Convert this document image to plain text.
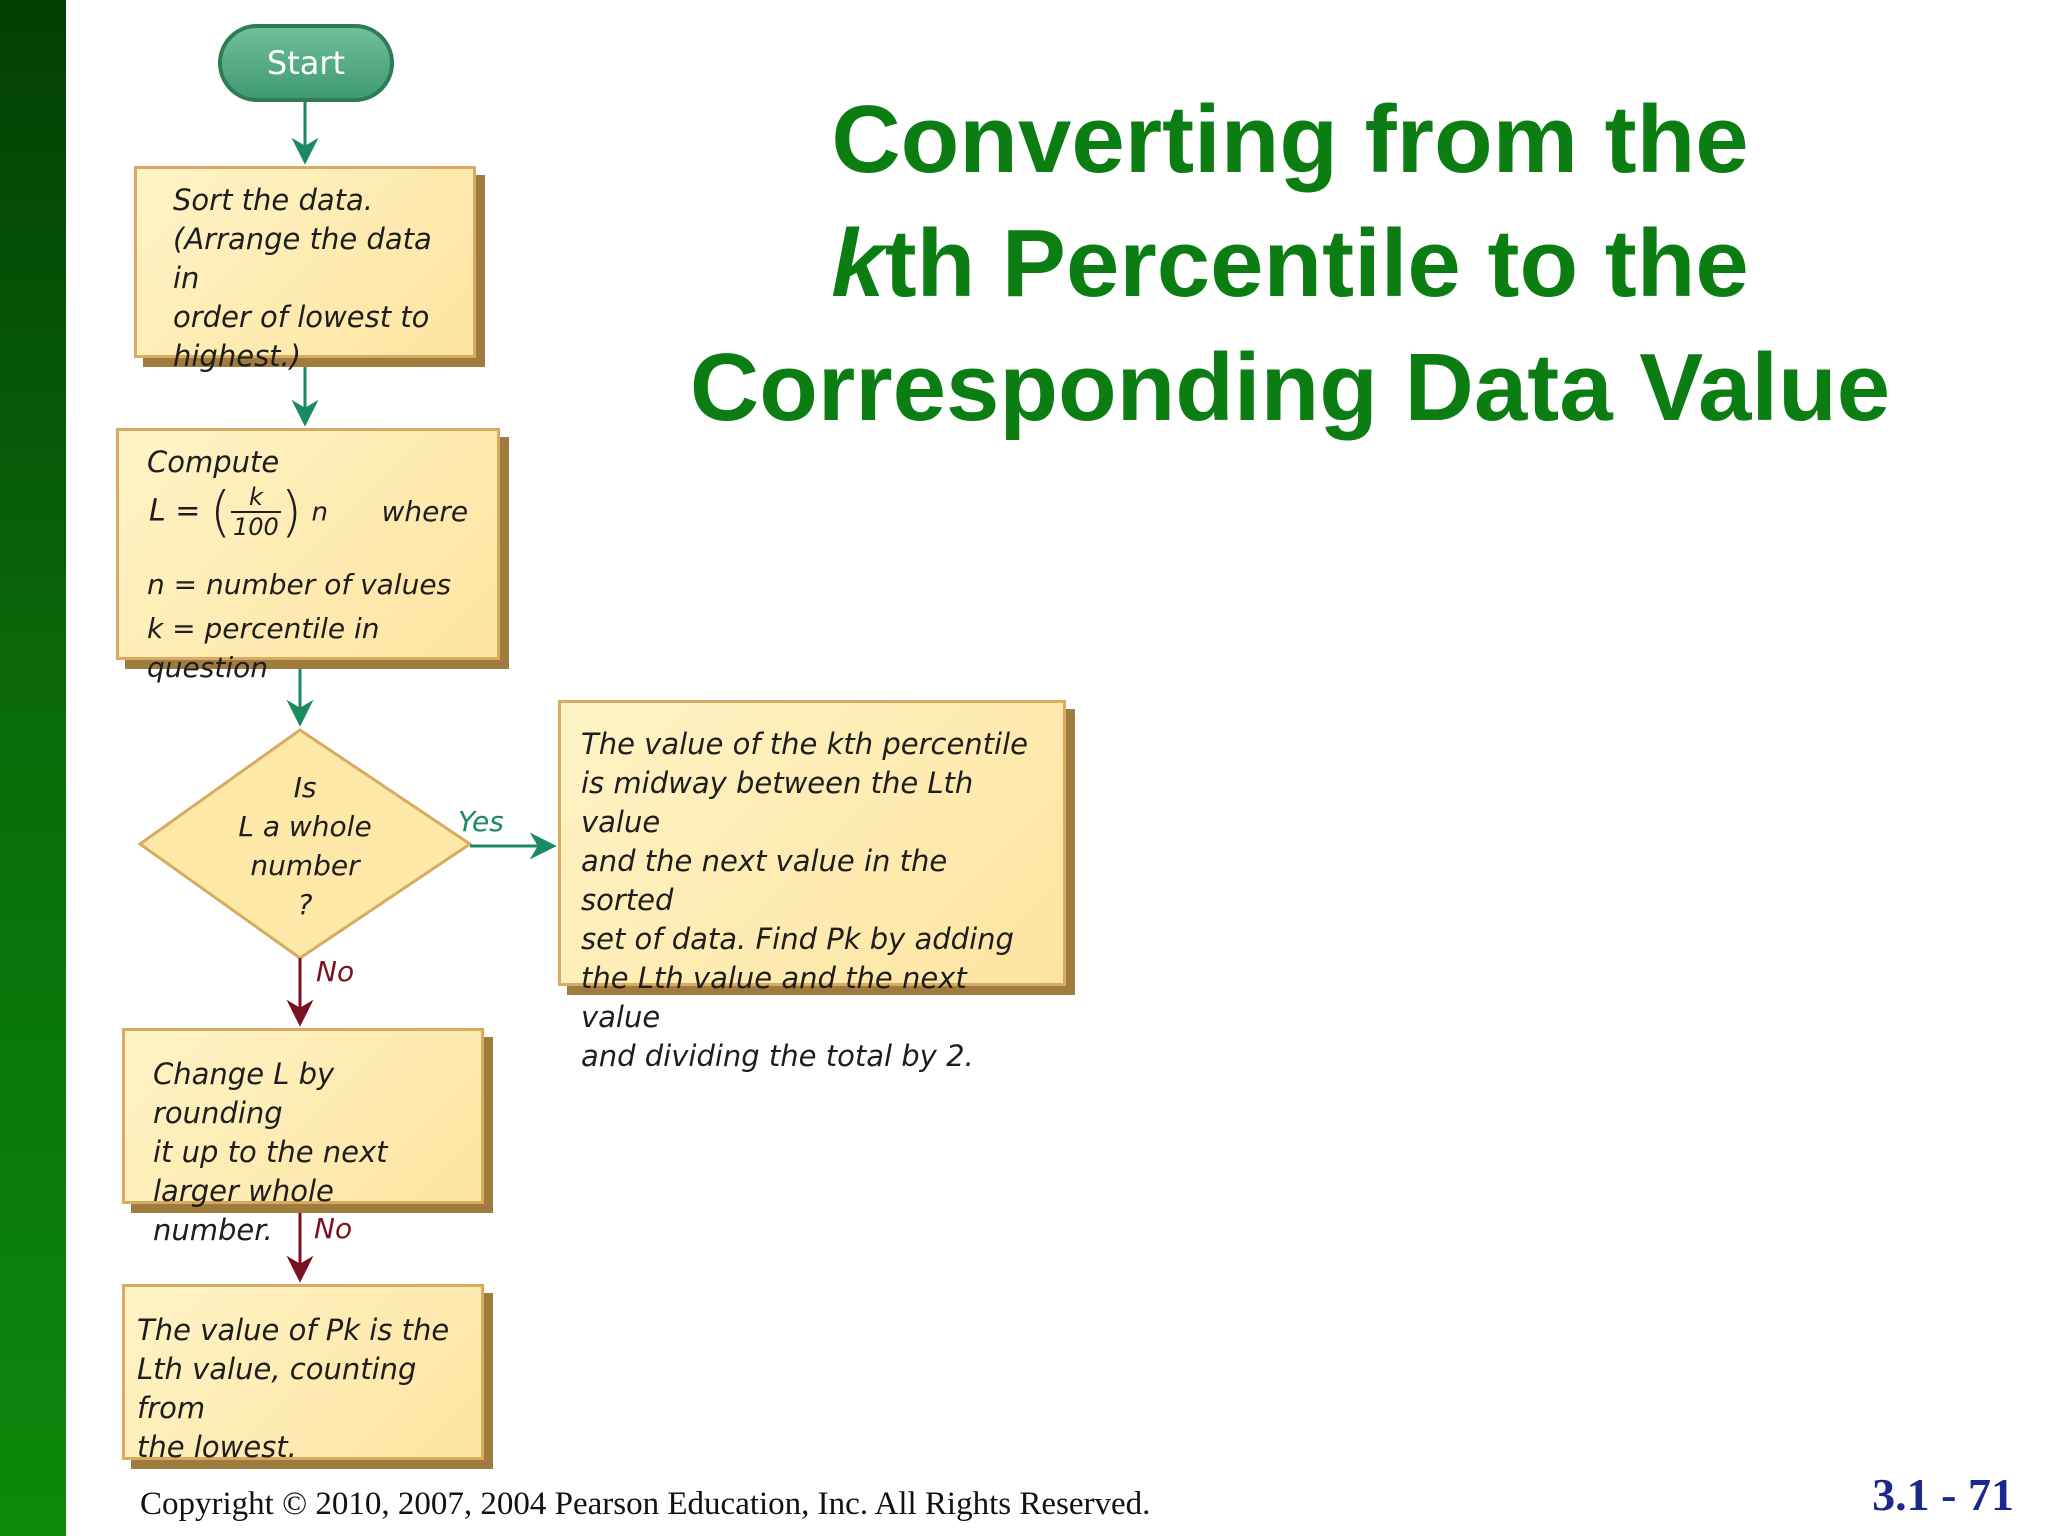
Converting from the
kth Percentile to the
Corresponding Data Value
Start

Sort the data.

(Arrange the data in

order of lowest to

highest.)

Compute

L = ( $\frac{k}{100}$ ) n where

n = number of values

k = percentile in question

Is
L a whole
number
?
Yes
No
No

The value of the kth percentile

is midway between the Lth value

and the next value in the sorted

set of data. Find Pk by adding

the Lth value and the next value

and dividing the total by 2.

Change L by rounding

it up to the next

larger whole number.

The value of Pk is the

Lth value, counting from

the lowest.

Copyright © 2010, 2007, 2004 Pearson Education, Inc. All Rights Reserved.	3.1 - 71
